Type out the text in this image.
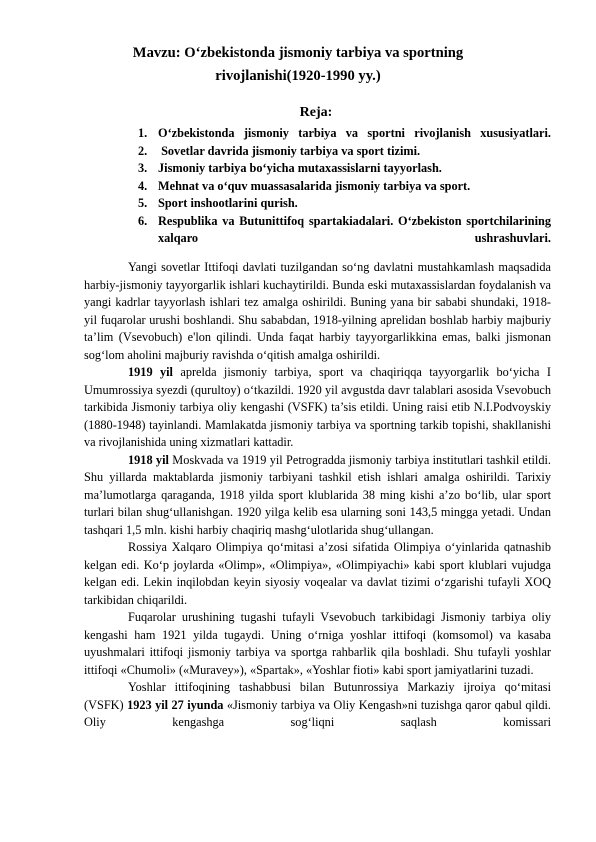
Mavzu: O‘zbekistonda jismoniy tarbiya va sportning rivojlanishi(1920-1990 yy.)
Reja:
1. O‘zbekistonda jismoniy tarbiya va sportni rivojlanish xususiyatlari.
2. Sovetlar davrida jismoniy tarbiya va sport tizimi.
3. Jismoniy tarbiya bo‘yicha mutaxassislarni tayyorlash.
4. Mehnat va o‘quv muassasalarida jismoniy tarbiya va sport.
5. Sport inshootlarini qurish.
6. Respublika va Butunittifoq spartakiadalari. O‘zbekiston sportchilarining xalqaro ushrashuvlari.

Yangi sovetlar Ittifoqi davlati tuzilgandan so‘ng davlatni mustahkamlash maqsadida harbiy-jismoniy tayyorgarlik ishlari kuchaytirildi. Bunda eski mutaxassislardan foydalanish va yangi kadrlar tayyorlash ishlari tez amalga oshirildi. Buning yana bir sababi shundaki, 1918-yil fuqarolar urushi boshlandi. Shu sababdan, 1918-yilning aprelidan boshlab harbiy majburiy ta’lim (Vsevobuch) e'lon qilindi. Unda faqat harbiy tayyorgarlikkina emas, balki jismonan sog‘lom aholini majburiy ravishda o‘qitish amalga oshirildi.

1919 yil aprelda jismoniy tarbiya, sport va chaqiriqqa tayyorgarlik bo‘yicha I Umumrossiya syezdi (qurultoy) o‘tkazildi. 1920 yil avgustda davr talablari asosida Vsevobuch tarkibida Jismoniy tarbiya oliy kengashi (VSFK) ta’sis etildi. Uning raisi etib N.I.Podvoyskiy (1880-1948) tayinlandi. Mamlakatda jismoniy tarbiya va sportning tarkib topishi, shakllanishi va rivojlanishida uning xizmatlari kattadir.

1918 yil Moskvada va 1919 yil Petrogradda jismoniy tarbiya institutlari tashkil etildi. Shu yillarda maktablarda jismoniy tarbiyani tashkil etish ishlari amalga oshirildi. Tarixiy ma’lumotlarga qaraganda, 1918 yilda sport klublarida 38 ming kishi a’zo bo‘lib, ular sport turlari bilan shug‘ullanishgan. 1920 yilga kelib esa ularning soni 143,5 mingga yetadi. Undan tashqari 1,5 mln. kishi harbiy chaqiriq mashg‘ulotlarida shug‘ullangan.

Rossiya Xalqaro Olimpiya qo‘mitasi a’zosi sifatida Olimpiya o‘yinlarida qatnashib kelgan edi. Ko‘p joylarda «Olimp», «Olimpiya», «Olimpiyachi» kabi sport klublari vujudga kelgan edi. Lekin inqilobdan keyin siyosiy voqealar va davlat tizimi o‘zgarishi tufayli XOQ tarkibidan chiqarildi.

Fuqarolar urushining tugashi tufayli Vsevobuch tarkibidagi Jismoniy tarbiya oliy kengashi ham 1921 yilda tugaydi. Uning o‘rniga yoshlar ittifoqi (komsomol) va kasaba uyushmalari ittifoqi jismoniy tarbiya va sportga rahbarlik qila boshladi. Shu tufayli yoshlar ittifoqi «Chumoli» («Muravey»), «Spartak», «Yoshlar fioti» kabi sport jamiyatlarini tuzadi.

Yoshlar ittifoqining tashabbusi bilan Butunrossiya Markaziy ijroiya qo‘mitasi (VSFK) 1923 yil 27 iyunda «Jismoniy tarbiya va Oliy Kengash»ni tuzishga qaror qabul qildi. Oliy kengashga sog‘liqni saqlash komissari
